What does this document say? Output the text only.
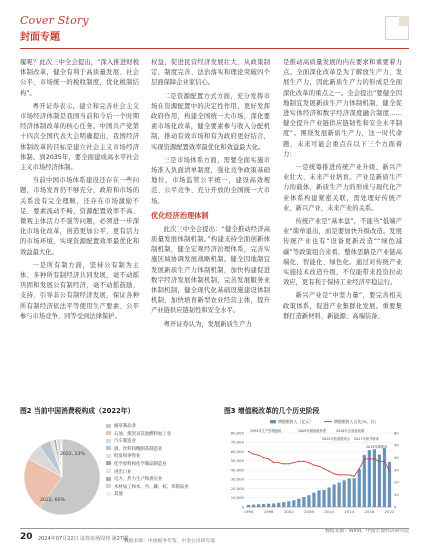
Cover Story
封面专题

履呢？此次三中全会提出，“深入推进财税体制改革，健全有利于高质量发展、社会公平、市场统一的税收制度，优化税制结构”。

粤开证券表示，建立和完善社会主义市场经济体制是我国当前和今后一个时期经济体制改革的核心任务。中国共产党第十四次全国代表大会明确提出，我国经济体制改革的目标是建立社会主义市场经济体制。到2035年，要全面建成高水平社会主义市场经济体制。

当前中国市场体系建设还存在一些问题，市场发育仍不够充分，政府和市场的关系没有完全理顺，还存在市场激励不足、要素流动不畅、资源配置效率不高、微观主体活力不强等问题，必须进一步深化市场化改革，创造更加公平、更有活力的市场环境，实现资源配置效率最优化和效益最大化。

一是所有制方面，坚持公有制为主体、多种所有制经济共同发展，毫不动摇巩固和发展公有制经济，毫不动摇鼓励、支持、引导非公有制经济发展，保证各种所有制经济依法平等使用生产要素、公平参与市场竞争、同等受到法律保护。

权益，促进民营经济发展壮大，从政策制定、制度完善、法治落实和理论突破四个层面保障企业家信心。

二是资源配置方式方面，充分发挥市场在资源配置中的决定性作用，更好发挥政府作用，构建全国统一大市场，深化要素市场化改革，健全要素参与收入分配机制，推动有效市场和有为政府更好结合，实现资源配置效率最优化和效益最大化。

三是市场体系方面，需要全面实施市场准入负面清单制度，强化竞争政策基础地位，市场监管公平统一，建设高效规范、公平竞争、充分开放的全国统一大市场。

优化经济治理体制

此次三中全会提出：“健全推动经济高质量发展体制机制。”构建支持全面创新体制机制，健全宏观经济治理体系，完善实施区域协调发展战略机制。健全因地制宜发展新质生产力体制机制，加快构建促进数字经济发展体制机制，完善发展服务业体制机制，健全现代化基础设施建设体制机制，加快培育新型农业经营主体，提升产业链供应链韧性和安全水平。

粤开证券认为，发展新质生产力

是推动高质量发展的内在要求和重要着力点。全面深化改革是为了解放生产力、发展生产力，因此新质生产力的形成是全面深化改革的重点之一。全会提出“要健全因地制宜发展新质生产力体制机制，健全促进实体经济和数字经济深度融合制度……健全提升产业链供应链韧性和安全水平制度”。围绕发展新质生产力，这一时代命题，未来可能会重点在以下三个方面着力：

一是统筹推进传统产业升级、新兴产业壮大、未来产业培育。产业是新质生产力的载体，新质生产力的形成与现代化产业体系构建紧密关联，需处理好传统产业、新兴产业、未来产业的关系。

传统产业是“基本盘”，不能当“低端产业”简单退出，而是要加快升级改造。发展传统产业也有“设备更新改造”“绿色减碳”等政策组合来看，整体思路是产业链高端化、智能化、绿色化。通过对传统产业实施技术改造升级，不仅能带来投资拉动效应，更有利于保持工业经济平稳运行。

新兴产业是“中坚力量”，要完善相关政策体系，促进产业集群化发展。重要集群打造新材料、新能源、高端装备、

图2 当前中国消费税构成（2022年）
2022, 60%
2022, 23%
烟草制品业
石油、煤炭及其他燃料加工业
汽车制造业
酒、饮料和精制茶制造业
批发和零售业
化学原料和化学制品制造业
进出口业
电力、热力生产和供应业
木材加工和木、竹、藤、棕、草制品业
其他
数据来源：中国税务年鉴，中金公司研究部
图3 增值税改革的几个历史阶段
80,000
70,000
60,000
50,000
40,000
30,000
20,000
10,000
0
60
50
40
30
20
10
0
1994	1998	2002	2006	2010	2014	2018	2022
增值税收入（亿元）	增值税收入占比(%，右)
1994年生产型增值税	2009年增值税转型
2012年营改增试点
2016年全面营改增
2017年简并税率
2019年降税率
数据来源：Wind，中国宏观经济研究院
20 2024年07月22日 证券市场周刊 第27期
